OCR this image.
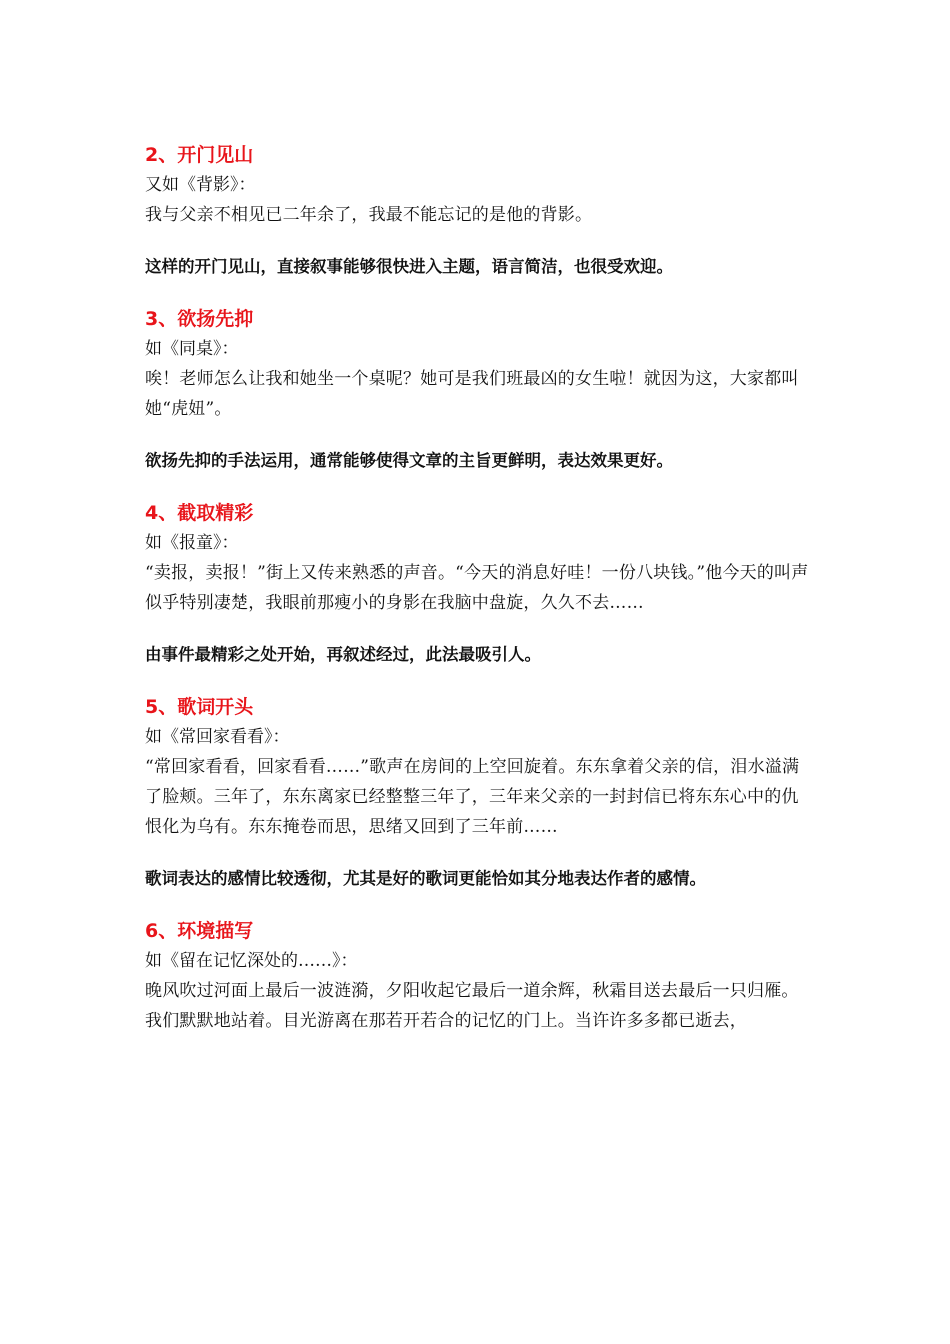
2、开门见山

又如《背影》：

我与父亲不相见已二年余了，我最不能忘记的是他的背影。

这样的开门见山，直接叙事能够很快进入主题，语言简洁，也很受欢迎。

3、欲扬先抑

如《同桌》：

唉！老师怎么让我和她坐一个桌呢？她可是我们班最凶的女生啦！就因为这，大家都叫她“虎妞”。

欲扬先抑的手法运用，通常能够使得文章的主旨更鲜明，表达效果更好。

4、截取精彩

如《报童》：

“卖报，卖报！”街上又传来熟悉的声音。“今天的消息好哇！一份八块钱。”他今天的叫声似乎特别凄楚，我眼前那瘦小的身影在我脑中盘旋，久久不去……

由事件最精彩之处开始，再叙述经过，此法最吸引人。

5、歌词开头

如《常回家看看》：

“常回家看看，回家看看……”歌声在房间的上空回旋着。东东拿着父亲的信，泪水溢满了脸颊。三年了，东东离家已经整整三年了，三年来父亲的一封封信已将东东心中的仇恨化为乌有。东东掩卷而思，思绪又回到了三年前……

歌词表达的感情比较透彻，尤其是好的歌词更能恰如其分地表达作者的感情。

6、环境描写

如《留在记忆深处的……》：

晚风吹过河面上最后一波涟漪，夕阳收起它最后一道余辉，秋霜目送去最后一只归雁。我们默默地站着。目光游离在那若开若合的记忆的门上。当许许多多都已逝去，
